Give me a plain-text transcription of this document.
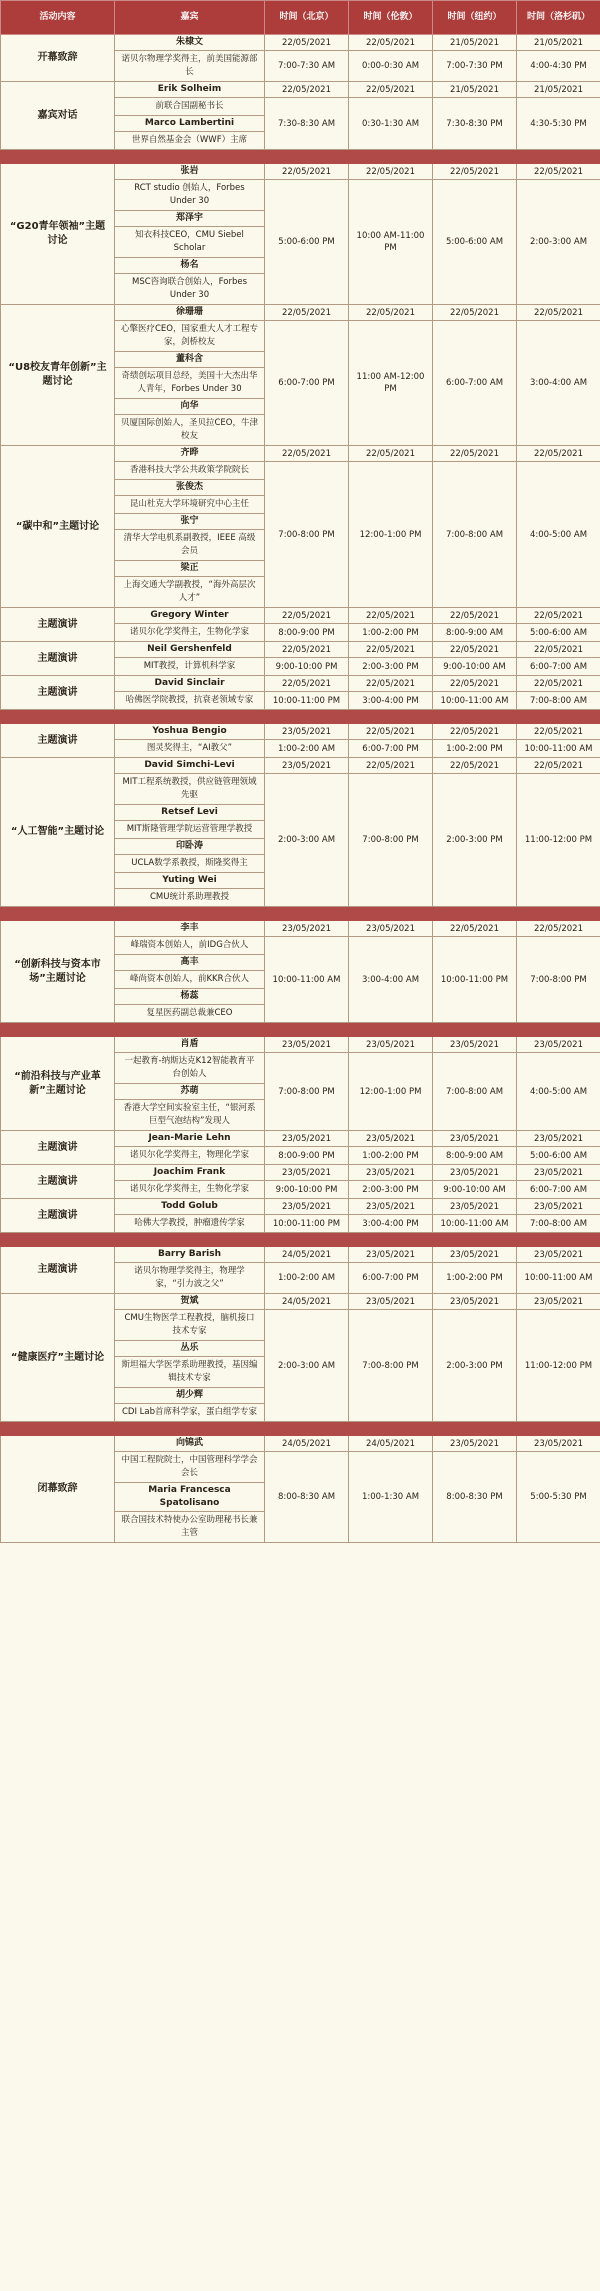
活动内容	嘉宾	时间（北京）	时间（伦敦）	时间（纽约）	时间（洛杉矶）
开幕致辞	朱棣文	22/05/2021	22/05/2021	21/05/2021	21/05/2021
	诺贝尔物理学奖得主，前美国能源部长	7:00-7:30 AM	0:00-0:30 AM	7:00-7:30 PM	4:00-4:30 PM
嘉宾对话	Erik Solheim	22/05/2021	22/05/2021	21/05/2021	21/05/2021
	前联合国副秘书长	7:30-8:30 AM	0:30-1:30 AM	7:30-8:30 PM	4:30-5:30 PM
	Marco Lambertini				
	世界自然基金会（WWF）主席				

“G20青年领袖”主题讨论	张岩	22/05/2021	22/05/2021	22/05/2021	22/05/2021
	RCT studio 创始人，Forbes Under 30	5:00-6:00 PM	10:00 AM-11:00 PM	5:00-6:00 AM	2:00-3:00 AM
	郑泽宇				
	知衣科技CEO，CMU Siebel Scholar				
	杨名				
	MSC咨询联合创始人，Forbes Under 30				
“U8校友青年创新”主题讨论	徐珊珊	22/05/2021	22/05/2021	22/05/2021	22/05/2021
	心擎医疗CEO，国家重大人才工程专家，剑桥校友	6:00-7:00 PM	11:00 AM-12:00 PM	6:00-7:00 AM	3:00-4:00 AM
	董科含				
	奇绩创坛项目总经，美国十大杰出华人青年，Forbes Under 30				
	向华				
	贝厦国际创始人，圣贝拉CEO，牛津校友				
“碳中和”主题讨论	齐晔	22/05/2021	22/05/2021	22/05/2021	22/05/2021
	香港科技大学公共政策学院院长	7:00-8:00 PM	12:00-1:00 PM	7:00-8:00 AM	4:00-5:00 AM
	张俊杰				
	昆山杜克大学环境研究中心主任				
	张宁				
	清华大学电机系副教授，IEEE 高级会员				
	梁正				
	上海交通大学副教授，“海外高层次人才”				
主题演讲	Gregory Winter	22/05/2021	22/05/2021	22/05/2021	22/05/2021
	诺贝尔化学奖得主，生物化学家	8:00-9:00 PM	1:00-2:00 PM	8:00-9:00 AM	5:00-6:00 AM
主题演讲	Neil Gershenfeld	22/05/2021	22/05/2021	22/05/2021	22/05/2021
	MIT教授，计算机科学家	9:00-10:00 PM	2:00-3:00 PM	9:00-10:00 AM	6:00-7:00 AM
主题演讲	David Sinclair	22/05/2021	22/05/2021	22/05/2021	22/05/2021
	哈佛医学院教授，抗衰老领域专家	10:00-11:00 PM	3:00-4:00 PM	10:00-11:00 AM	7:00-8:00 AM

主题演讲	Yoshua Bengio	23/05/2021	22/05/2021	22/05/2021	22/05/2021
	图灵奖得主，“AI教父”	1:00-2:00 AM	6:00-7:00 PM	1:00-2:00 PM	10:00-11:00 AM
“人工智能”主题讨论	David Simchi-Levi	23/05/2021	22/05/2021	22/05/2021	22/05/2021
	MIT工程系统教授，供应链管理领域先驱	2:00-3:00 AM	7:00-8:00 PM	2:00-3:00 PM	11:00-12:00 PM
	Retsef Levi				
	MIT斯隆管理学院运营管理学教授				
	印卧涛				
	UCLA数学系教授，斯隆奖得主				
	Yuting Wei				
	CMU统计系助理教授				

“创新科技与资本市场”主题讨论	李丰	23/05/2021	23/05/2021	22/05/2021	22/05/2021
	峰瑞资本创始人，前IDG合伙人	10:00-11:00 AM	3:00-4:00 AM	10:00-11:00 PM	7:00-8:00 PM
	高丰				
	峰尚资本创始人，前KKR合伙人				
	杨蕊				
	复星医药副总裁兼CEO				

“前沿科技与产业革新”主题讨论	肖盾	23/05/2021	23/05/2021	23/05/2021	23/05/2021
	一起教育-纳斯达克K12智能教育平台创始人	7:00-8:00 PM	12:00-1:00 PM	7:00-8:00 AM	4:00-5:00 AM
	苏萌				
	香港大学空间实验室主任，“银河系巨型气泡结构”发现人				
主题演讲	Jean-Marie Lehn	23/05/2021	23/05/2021	23/05/2021	23/05/2021
	诺贝尔化学奖得主，物理化学家	8:00-9:00 PM	1:00-2:00 PM	8:00-9:00 AM	5:00-6:00 AM
主题演讲	Joachim Frank	23/05/2021	23/05/2021	23/05/2021	23/05/2021
	诺贝尔化学奖得主，生物化学家	9:00-10:00 PM	2:00-3:00 PM	9:00-10:00 AM	6:00-7:00 AM
主题演讲	Todd Golub	23/05/2021	23/05/2021	23/05/2021	23/05/2021
	哈佛大学教授，肿瘤遗传学家	10:00-11:00 PM	3:00-4:00 PM	10:00-11:00 AM	7:00-8:00 AM

主题演讲	Barry Barish	24/05/2021	23/05/2021	23/05/2021	23/05/2021
	诺贝尔物理学奖得主，物理学家，“引力波之父”	1:00-2:00 AM	6:00-7:00 PM	1:00-2:00 PM	10:00-11:00 AM
“健康医疗”主题讨论	贺斌	24/05/2021	23/05/2021	23/05/2021	23/05/2021
	CMU生物医学工程教授，脑机接口技术专家	2:00-3:00 AM	7:00-8:00 PM	2:00-3:00 PM	11:00-12:00 PM
	丛乐				
	斯坦福大学医学系助理教授，基因编辑技术专家				
	胡少辉				
	CDI Lab首席科学家，蛋白组学专家				

闭幕致辞	向锦武	24/05/2021	24/05/2021	23/05/2021	23/05/2021
	中国工程院院士，中国管理科学学会会长	8:00-8:30 AM	1:00-1:30 AM	8:00-8:30 PM	5:00-5:30 PM
	Maria Francesca Spatolisano				
	联合国技术特使办公室助理秘书长兼主管				
